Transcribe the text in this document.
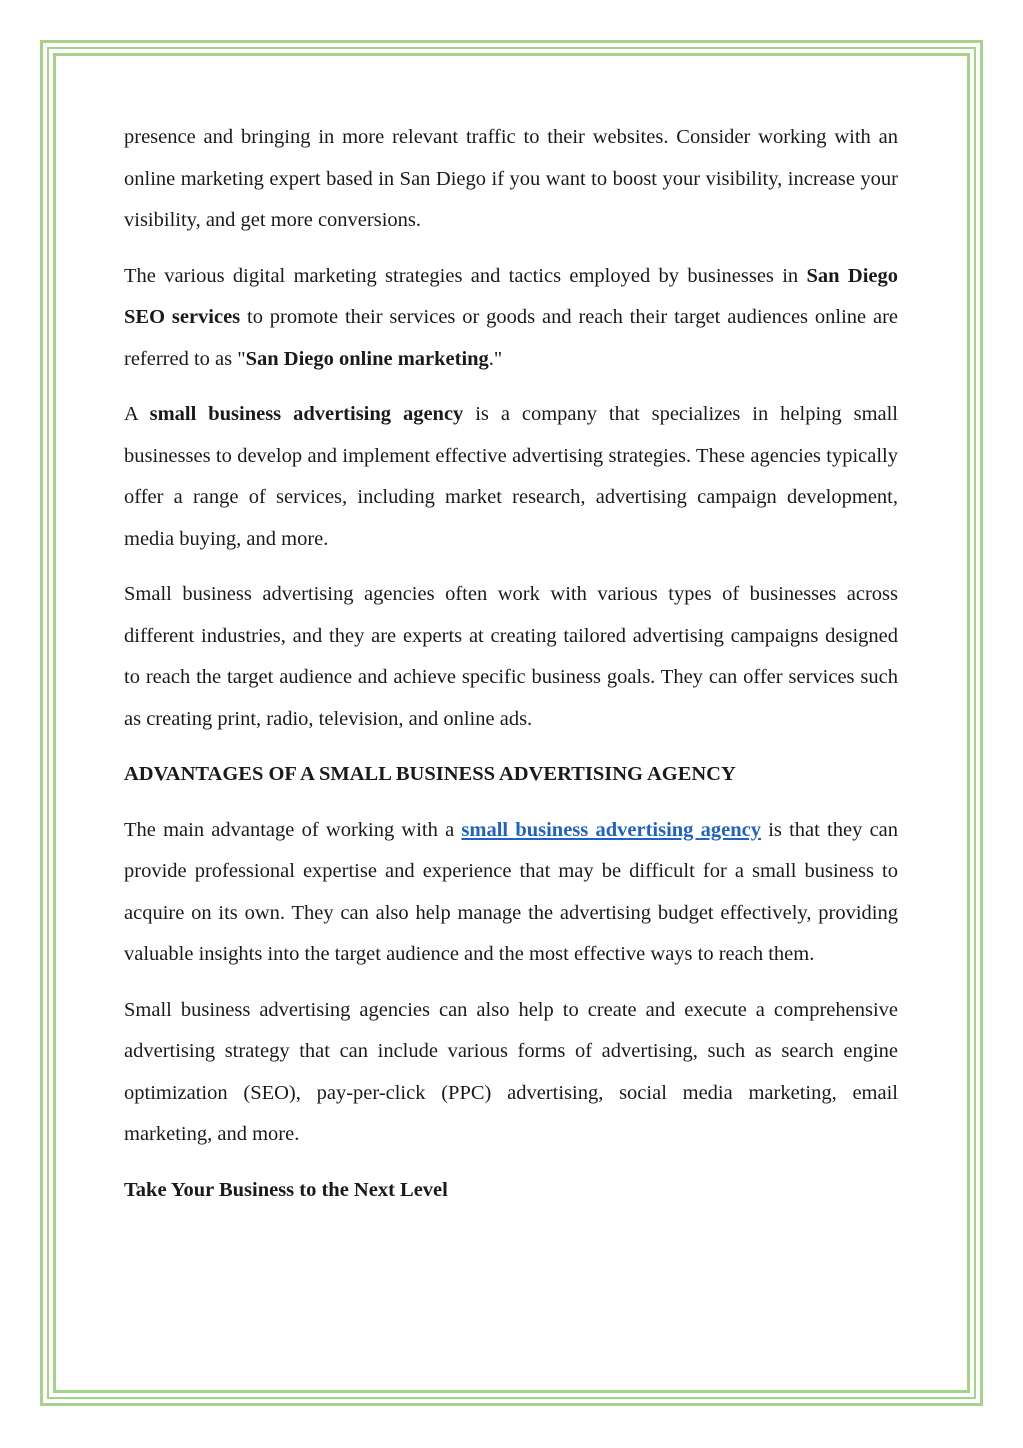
presence and bringing in more relevant traffic to their websites. Consider working with an online marketing expert based in San Diego if you want to boost your visibility, increase your visibility, and get more conversions.

The various digital marketing strategies and tactics employed by businesses in San Diego SEO services to promote their services or goods and reach their target audiences online are referred to as "San Diego online marketing."

A small business advertising agency is a company that specializes in helping small businesses to develop and implement effective advertising strategies. These agencies typically offer a range of services, including market research, advertising campaign development, media buying, and more.

Small business advertising agencies often work with various types of businesses across different industries, and they are experts at creating tailored advertising campaigns designed to reach the target audience and achieve specific business goals. They can offer services such as creating print, radio, television, and online ads.

ADVANTAGES OF A SMALL BUSINESS ADVERTISING AGENCY

The main advantage of working with a small business advertising agency is that they can provide professional expertise and experience that may be difficult for a small business to acquire on its own. They can also help manage the advertising budget effectively, providing valuable insights into the target audience and the most effective ways to reach them.

Small business advertising agencies can also help to create and execute a comprehensive advertising strategy that can include various forms of advertising, such as search engine optimization (SEO), pay-per-click (PPC) advertising, social media marketing, email marketing, and more.

Take Your Business to the Next Level
